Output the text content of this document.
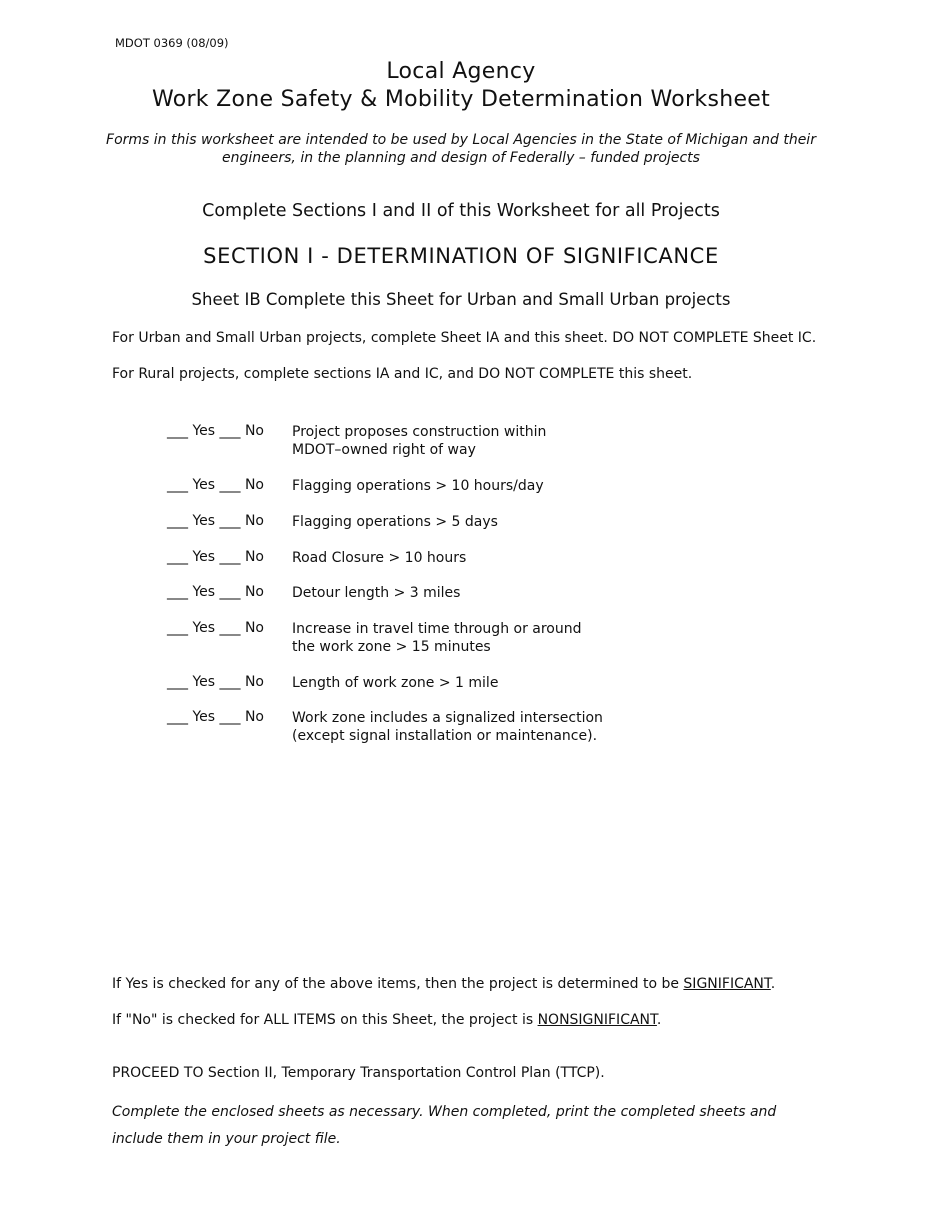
MDOT 0369 (08/09)
Local Agency
Work Zone Safety & Mobility Determination Worksheet
Forms in this worksheet are intended to be used by Local Agencies in the State of Michigan and their
engineers, in the planning and design of Federally – funded projects
Complete Sections I and II of this Worksheet for all Projects
SECTION I - DETERMINATION OF SIGNIFICANCE
Sheet IB Complete this Sheet for Urban and Small Urban projects
For Urban and Small Urban projects, complete Sheet IA and this sheet. DO NOT COMPLETE Sheet IC.
For Rural projects, complete sections IA and IC, and DO NOT COMPLETE this sheet.
___ Yes ___ No Project proposes construction within
MDOT–owned right of way
___ Yes ___ No Flagging operations > 10 hours/day
___ Yes ___ No Flagging operations > 5 days
___ Yes ___ No Road Closure > 10 hours
___ Yes ___ No Detour length > 3 miles
___ Yes ___ No Increase in travel time through or around
the work zone > 15 minutes
___ Yes ___ No Length of work zone > 1 mile
___ Yes ___ No Work zone includes a signalized intersection
(except signal installation or maintenance).
If Yes is checked for any of the above items, then the project is determined to be SIGNIFICANT.
If "No" is checked for ALL ITEMS on this Sheet, the project is NONSIGNIFICANT.
PROCEED TO Section II, Temporary Transportation Control Plan (TTCP).
Complete the enclosed sheets as necessary. When completed, print the completed sheets and include them in your project file.
